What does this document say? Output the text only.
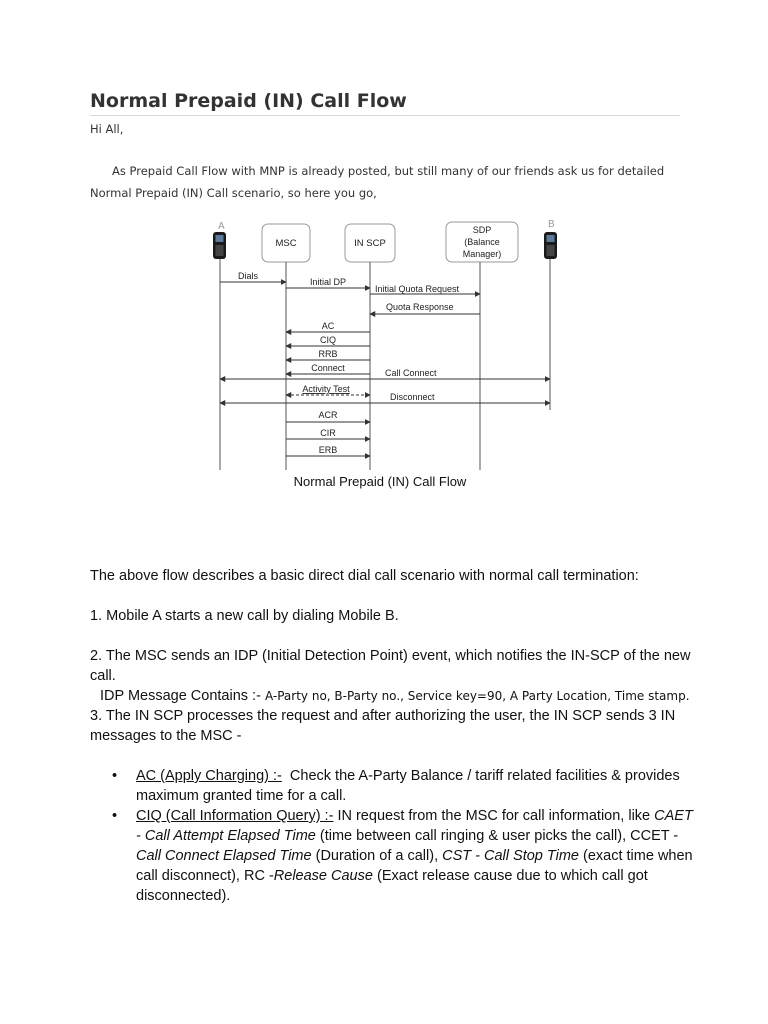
Normal Prepaid (IN) Call Flow
Hi All,
As Prepaid Call Flow with MNP is already posted, but still many of our friends ask us for detailed Normal Prepaid (IN) Call scenario, so here you go,
A	B
MSC	IN SCP
SDP
(Balance
Manager)
Dials
Initial DP
Initial Quota Request
Quota Response
AC
CIQ
RRB
Connect	Call Connect
Activity Test
Disconnect
ACR
CIR
ERB
Normal Prepaid (IN) Call Flow

The above flow describes a basic direct dial call scenario with normal call termination:

1. Mobile A starts a new call by dialing Mobile B.

2. The MSC sends an IDP (Initial Detection Point) event, which notifies the IN-SCP of the new call.

IDP Message Contains :- A-Party no, B-Party no., Service key=90, A Party Location, Time stamp.

3. The IN SCP processes the request and after authorizing the user, the IN SCP sends 3 IN messages to the MSC -

• AC (Apply Charging) :- Check the A-Party Balance / tariff related facilities & provides maximum granted time for a call.
• CIQ (Call Information Query) :- IN request from the MSC for call information, like CAET - Call Attempt Elapsed Time (time between call ringing & user picks the call), CCET - Call Connect Elapsed Time (Duration of a call), CST - Call Stop Time (exact time when call disconnect), RC -Release Cause (Exact release cause due to which call got disconnected).
